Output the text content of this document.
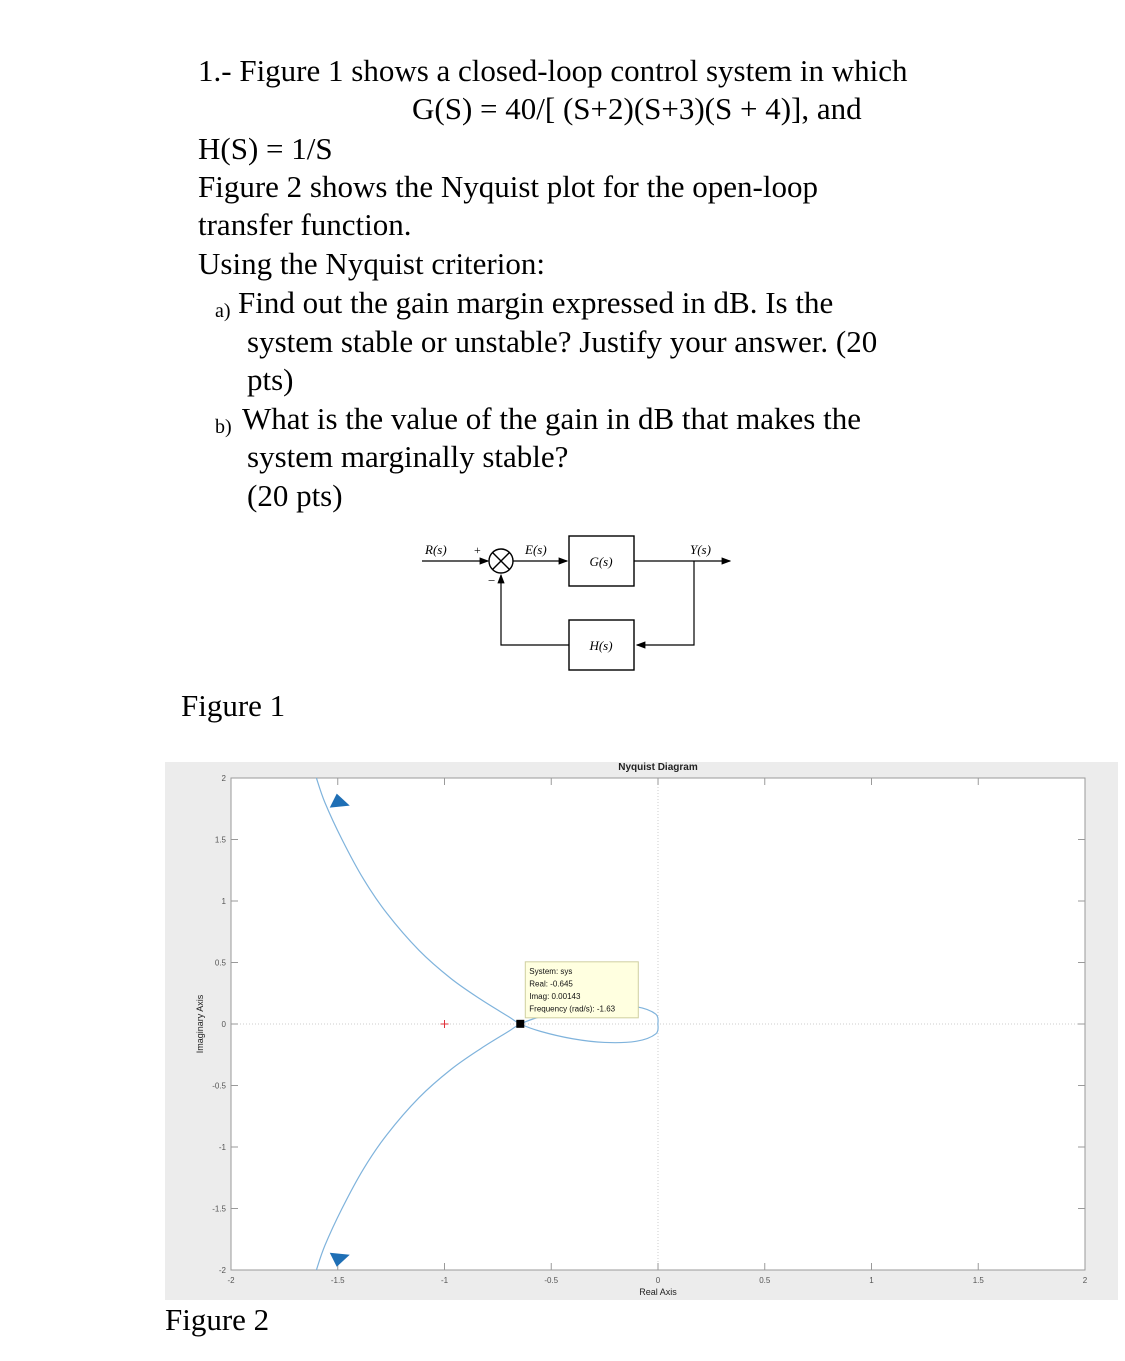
1.- Figure 1 shows a closed-loop control system in which
G(S) = 40/[ (S+2)(S+3)(S + 4)], and
H(S) = 1/S
Figure 2 shows the Nyquist plot for the open-loop
transfer function.
Using the Nyquist criterion:
a) Find out the gain margin expressed in dB. Is the
system stable or unstable? Justify your answer. (20
pts)
b) What is the value of the gain in dB that makes the
system marginally stable?
(20 pts)
R(s) +
−
E(s)
G(s)
Y(s)
H(s)
Figure 1
-2	-1.5	-1	-0.5	0	0.5	1	1.5	2
-2
-1.5
-1
-0.5
0
0.5
1
1.5
2
Nyquist Diagram
Real Axis
Imaginary Axis
System: sys
Real: -0.645
Imag: 0.00143
Frequency (rad/s): -1.63
Figure 2
